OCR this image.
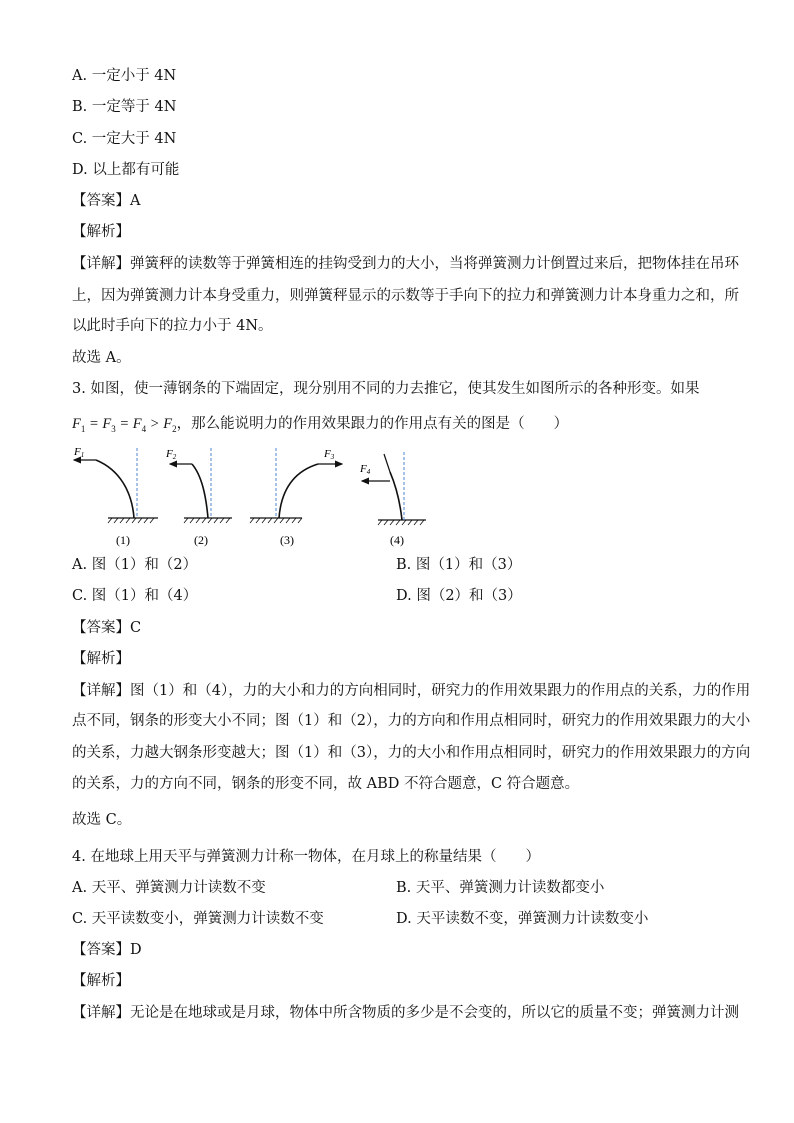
A. 一定小于 4N
B. 一定等于 4N
C. 一定大于 4N
D. 以上都有可能
【答案】A
【解析】
【详解】弹簧秤的读数等于弹簧相连的挂钩受到力的大小，当将弹簧测力计倒置过来后，把物体挂在吊环
上，因为弹簧测力计本身受重力，则弹簧秤显示的示数等于手向下的拉力和弹簧测力计本身重力之和，所
以此时手向下的拉力小于 4N。
故选 A。
3. 如图，使一薄钢条的下端固定，现分别用不同的力去推它，使其发生如图所示的各种形变。如果
$F_1 = F_3 = F_4 > F_2$，那么能说明力的作用效果跟力的作用点有关的图是（　　）
F1
(1)
F2
(2)
F3
(3)
F4
(4)
A. 图（1）和（2）	B. 图（1）和（3）
C. 图（1）和（4）	D. 图（2）和（3）
【答案】C
【解析】
【详解】图（1）和（4），力的大小和力的方向相同时，研究力的作用效果跟力的作用点的关系，力的作用
点不同，钢条的形变大小不同；图（1）和（2），力的方向和作用点相同时，研究力的作用效果跟力的大小
的关系，力越大钢条形变越大；图（1）和（3），力的大小和作用点相同时，研究力的作用效果跟力的方向
的关系，力的方向不同，钢条的形变不同，故 ABD 不符合题意，C 符合题意。
故选 C。
4. 在地球上用天平与弹簧测力计称一物体，在月球上的称量结果（　　）
A. 天平、弹簧测力计读数不变	B. 天平、弹簧测力计读数都变小
C. 天平读数变小，弹簧测力计读数不变	D. 天平读数不变，弹簧测力计读数变小
【答案】D
【解析】
【详解】无论是在地球或是月球，物体中所含物质的多少是不会变的，所以它的质量不变；弹簧测力计测
